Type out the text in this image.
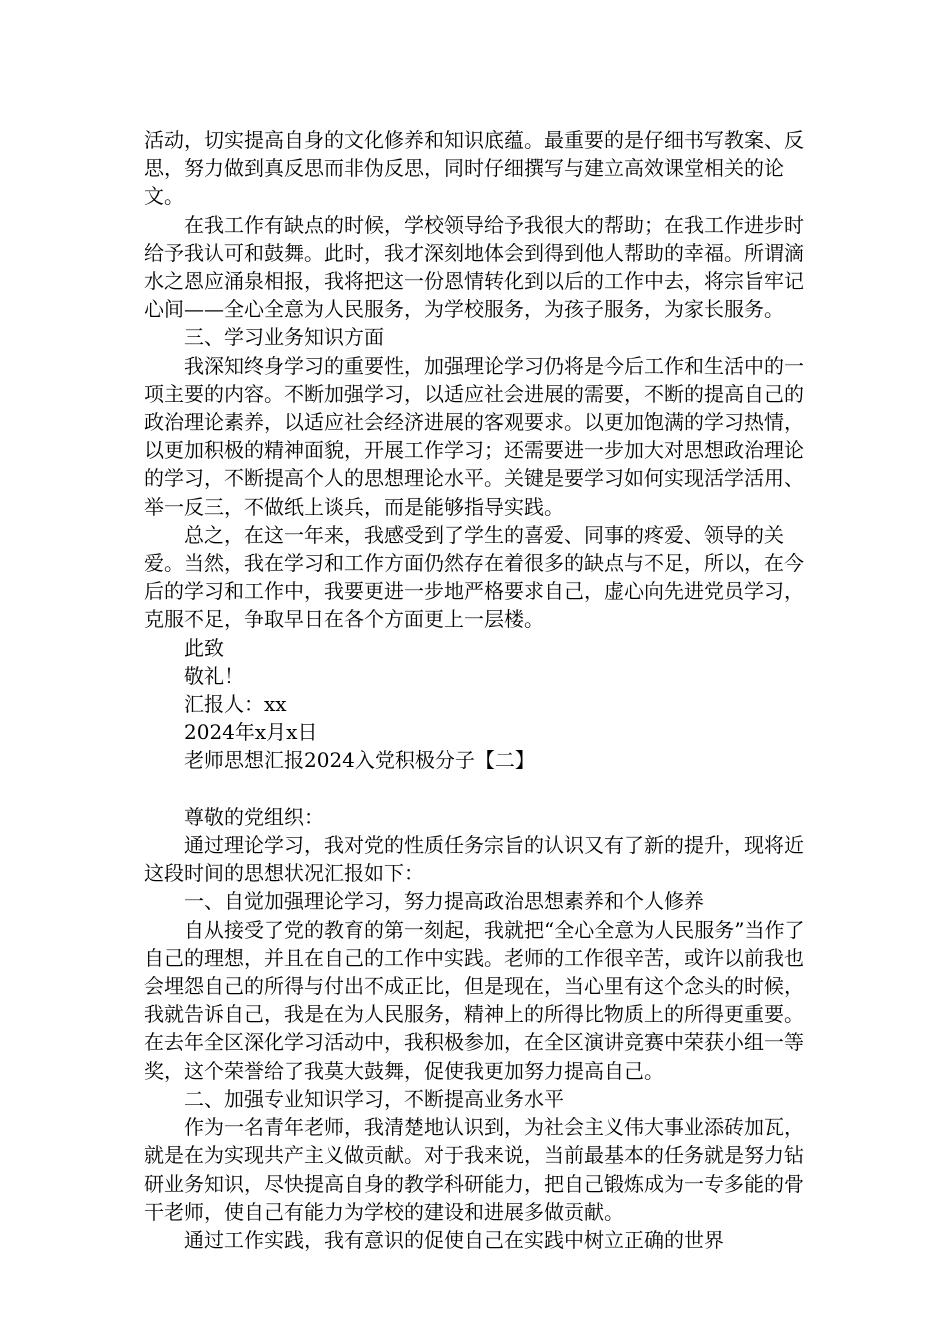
活动，切实提高自身的文化修养和知识底蕴。最重要的是仔细书写教案、反思，努力做到真反思而非伪反思，同时仔细撰写与建立高效课堂相关的论文。

在我工作有缺点的时候，学校领导给予我很大的帮助；在我工作进步时给予我认可和鼓舞。此时，我才深刻地体会到得到他人帮助的幸福。所谓滴水之恩应涌泉相报，我将把这一份恩情转化到以后的工作中去，将宗旨牢记心间——全心全意为人民服务，为学校服务，为孩子服务，为家长服务。

三、学习业务知识方面

我深知终身学习的重要性，加强理论学习仍将是今后工作和生活中的一项主要的内容。不断加强学习，以适应社会进展的需要，不断的提高自己的政治理论素养，以适应社会经济进展的客观要求。以更加饱满的学习热情，以更加积极的精神面貌，开展工作学习；还需要进一步加大对思想政治理论的学习，不断提高个人的思想理论水平。关键是要学习如何实现活学活用、举一反三，不做纸上谈兵，而是能够指导实践。

总之，在这一年来，我感受到了学生的喜爱、同事的疼爱、领导的关爱。当然，我在学习和工作方面仍然存在着很多的缺点与不足，所以，在今后的学习和工作中，我要更进一步地严格要求自己，虚心向先进党员学习，克服不足，争取早日在各个方面更上一层楼。

此致

敬礼！

汇报人：xx

2024年x月x日

老师思想汇报2024入党积极分子【二】

尊敬的党组织：

通过理论学习，我对党的性质任务宗旨的认识又有了新的提升，现将近这段时间的思想状况汇报如下：

一、自觉加强理论学习，努力提高政治思想素养和个人修养

自从接受了党的教育的第一刻起，我就把“全心全意为人民服务”当作了自己的理想，并且在自己的工作中实践。老师的工作很辛苦，或许以前我也会埋怨自己的所得与付出不成正比，但是现在，当心里有这个念头的时候，我就告诉自己，我是在为人民服务，精神上的所得比物质上的所得更重要。在去年全区深化学习活动中，我积极参加，在全区演讲竞赛中荣获小组一等奖，这个荣誉给了我莫大鼓舞，促使我更加努力提高自己。

二、加强专业知识学习，不断提高业务水平

作为一名青年老师，我清楚地认识到，为社会主义伟大事业添砖加瓦，就是在为实现共产主义做贡献。对于我来说，当前最基本的任务就是努力钻研业务知识，尽快提高自身的教学科研能力，把自己锻炼成为一专多能的骨干老师，使自己有能力为学校的建设和进展多做贡献。

通过工作实践，我有意识的促使自己在实践中树立正确的世界
